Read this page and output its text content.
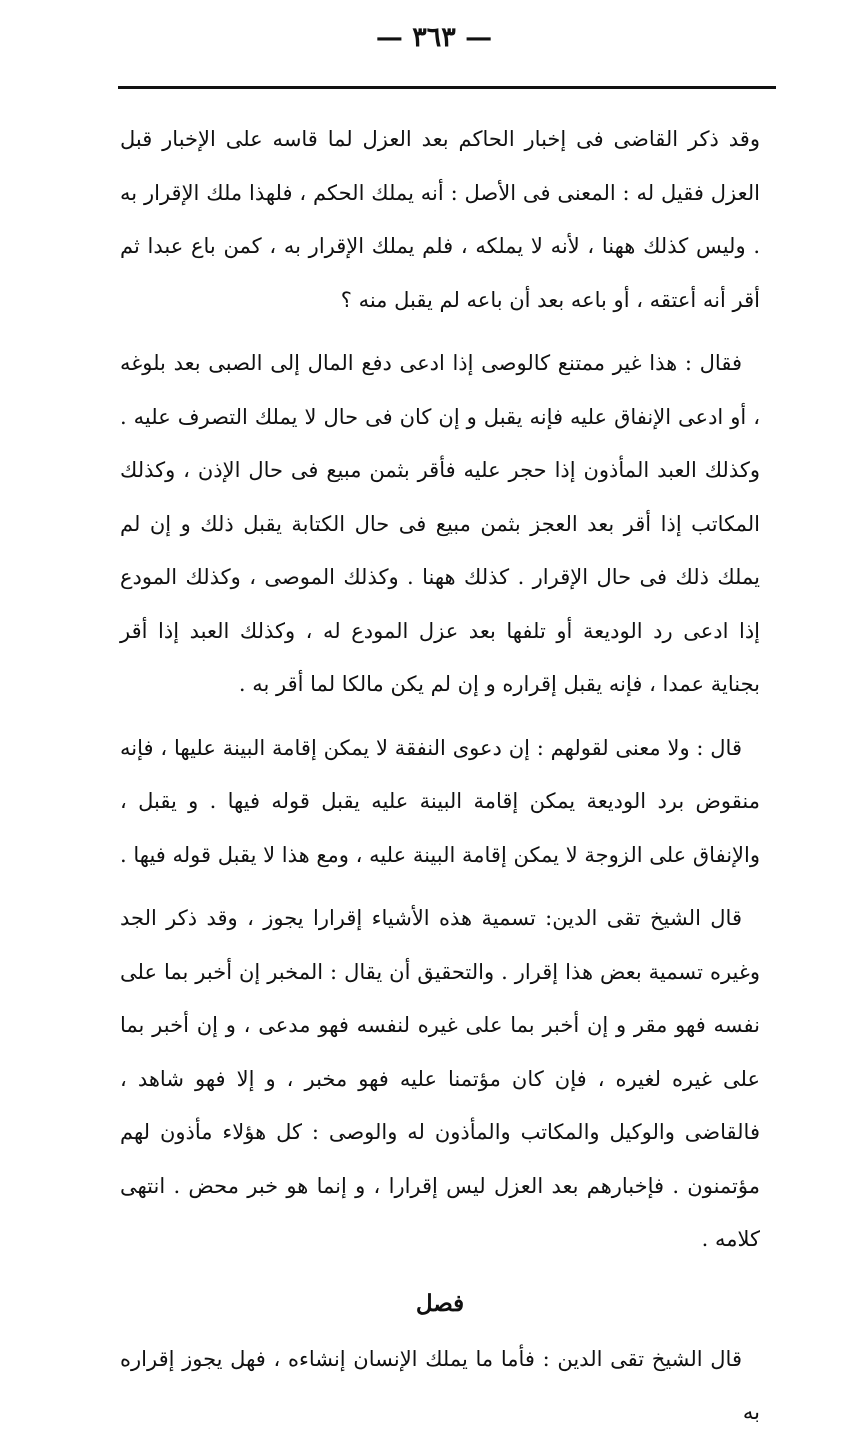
— ٣٦٣ —

وقد ذكر القاضى فى إخبار الحاكم بعد العزل لما قاسه على الإخبار قبل العزل فقيل له : المعنى فى الأصل : أنه يملك الحكم ، فلهذا ملك الإقرار به . وليس كذلك ههنا ، لأنه لا يملكه ، فلم يملك الإقرار به ، كمن باع عبدا ثم أقر أنه أعتقه ، أو باعه بعد أن باعه لم يقبل منه ؟

فقال : هذا غير ممتنع كالوصى إذا ادعى دفع المال إلى الصبى بعد بلوغه ، أو ادعى الإنفاق عليه فإنه يقبل و إن كان فى حال لا يملك التصرف عليه . وكذلك العبد المأذون إذا حجر عليه فأقر بثمن مبيع فى حال الإذن ، وكذلك المكاتب إذا أقر بعد العجز بثمن مبيع فى حال الكتابة يقبل ذلك و إن لم يملك ذلك فى حال الإقرار . كذلك ههنا . وكذلك الموصى ، وكذلك المودع إذا ادعى رد الوديعة أو تلفها بعد عزل المودع له ، وكذلك العبد إذا أقر بجناية عمدا ، فإنه يقبل إقراره و إن لم يكن مالكا لما أقر به .

قال : ولا معنى لقولهم : إن دعوى النفقة لا يمكن إقامة البينة عليها ، فإنه منقوض برد الوديعة يمكن إقامة البينة عليه يقبل قوله فيها . و يقبل ، والإنفاق على الزوجة لا يمكن إقامة البينة عليه ، ومع هذا لا يقبل قوله فيها .

قال الشيخ تقى الدين: تسمية هذه الأشياء إقرارا يجوز ، وقد ذكر الجد وغيره تسمية بعض هذا إقرار . والتحقيق أن يقال : المخبر إن أخبر بما على نفسه فهو مقر و إن أخبر بما على غيره لنفسه فهو مدعى ، و إن أخبر بما على غيره لغيره ، فإن كان مؤتمنا عليه فهو مخبر ، و إلا فهو شاهد ، فالقاضى والوكيل والمكاتب والمأذون له والوصى : كل هؤلاء مأذون لهم مؤتمنون . فإخبارهم بعد العزل ليس إقرارا ، و إنما هو خبر محض . انتهى كلامه .

فصل

قال الشيخ تقى الدين : فأما ما يملك الإنسان إنشاءه ، فهل يجوز إقراره به
